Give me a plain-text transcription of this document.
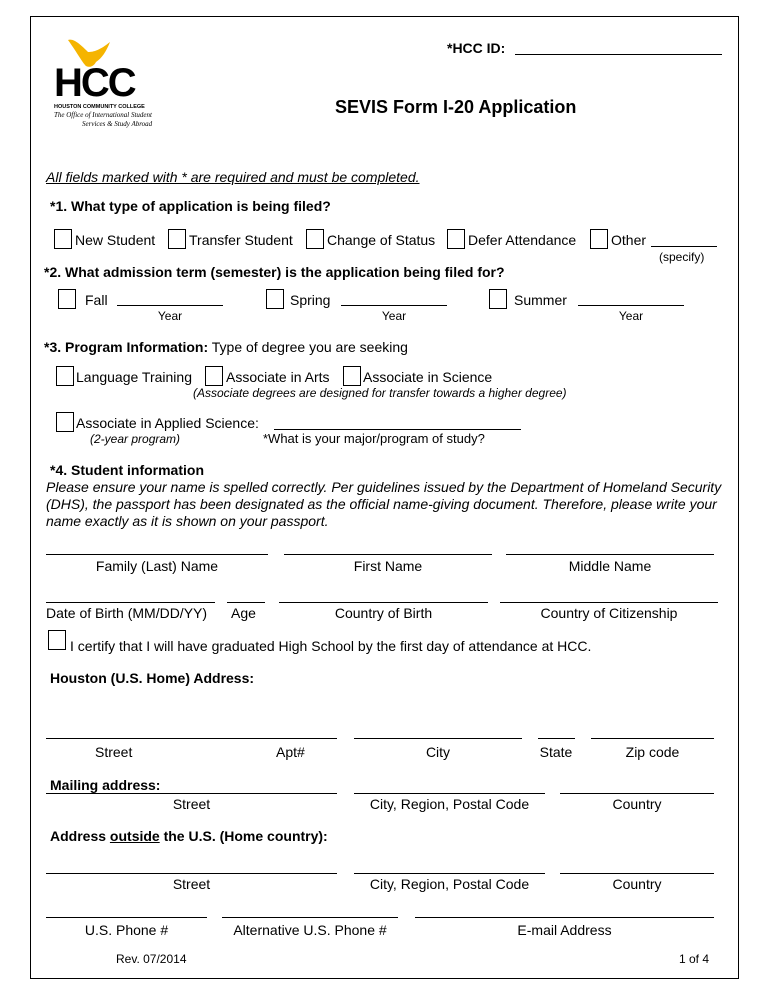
HCC
HOUSTON COMMUNITY COLLEGE
The Office of International Student
Services & Study Abroad
*HCC ID:
SEVIS Form I-20 Application
All fields marked with * are required and must be completed.
*1. What type of application is being filed?
New Student Transfer Student Change of Status Defer Attendance Other
(specify)
*2. What admission term (semester) is the application being filed for?
Fall
Year
Spring
Year
Summer
Year
*3. Program Information: Type of degree you are seeking
Language Training Associate in Arts Associate in Science
(Associate degrees are designed for transfer towards a higher degree)
Associate in Applied Science:
(2-year program)	*What is your major/program of study?
*4. Student information
Please ensure your name is spelled correctly. Per guidelines issued by the Department of Homeland Security (DHS), the passport has been designated as the official name-giving document. Therefore, please write your name exactly as it is shown on your passport.
Family (Last) Name	First Name	Middle Name
Date of Birth (MM/DD/YY) Age	Country of Birth	Country of Citizenship
I certify that I will have graduated High School by the first day of attendance at HCC.
Houston (U.S. Home) Address:
Street	Apt#	City	State	Zip code
Mailing address:
Street	City, Region, Postal Code	Country
Address outside the U.S. (Home country):
Street	City, Region, Postal Code	Country
U.S. Phone #	Alternative U.S. Phone #	E-mail Address
Rev. 07/2014	1 of 4
